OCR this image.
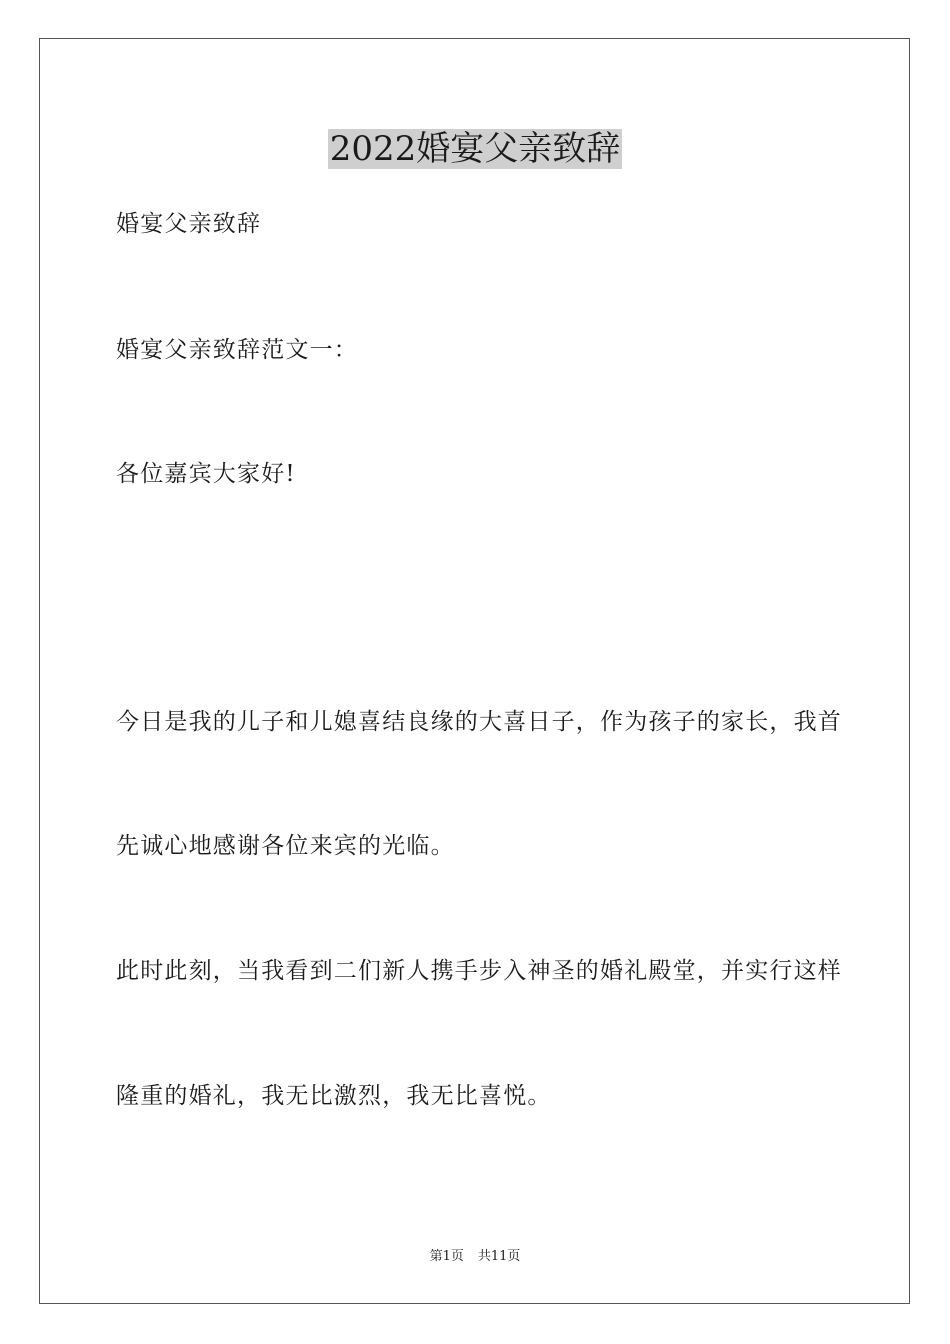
2022婚宴父亲致辞
婚宴父亲致辞
婚宴父亲致辞范文一：
各位嘉宾大家好!
今日是我的儿子和儿媳喜结良缘的大喜日子，作为孩子的家长，我首
先诚心地感谢各位来宾的光临。
此时此刻，当我看到二们新人携手步入神圣的婚礼殿堂，并实行这样
隆重的婚礼，我无比激烈，我无比喜悦。
第1页 共11页
